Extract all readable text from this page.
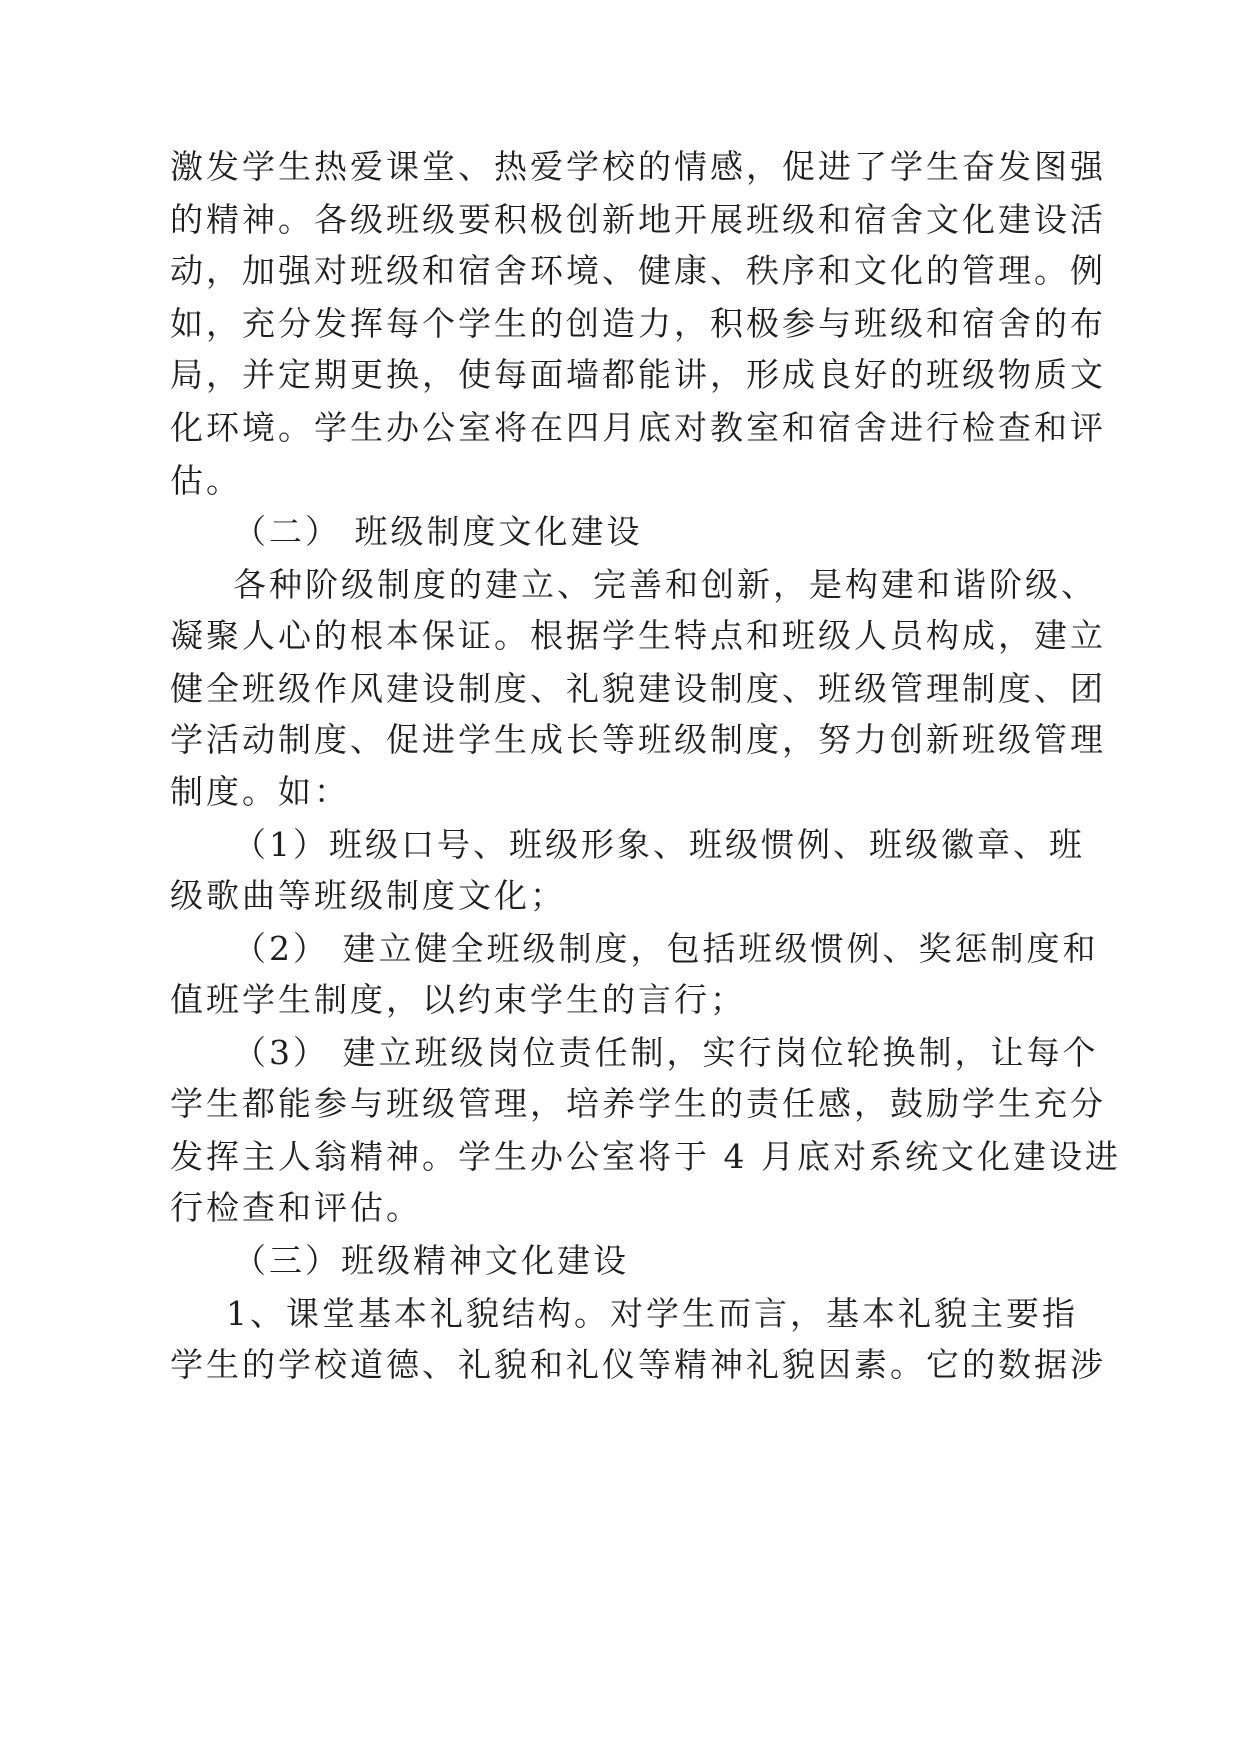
激发学生热爱课堂、热爱学校的情感，促进了学生奋发图强
的精神。各级班级要积极创新地开展班级和宿舍文化建设活
动，加强对班级和宿舍环境、健康、秩序和文化的管理。例
如，充分发挥每个学生的创造力，积极参与班级和宿舍的布
局，并定期更换，使每面墙都能讲，形成良好的班级物质文
化环境。学生办公室将在四月底对教室和宿舍进行检查和评
估。
（二） 班级制度文化建设
各种阶级制度的建立、完善和创新，是构建和谐阶级、
凝聚人心的根本保证。根据学生特点和班级人员构成，建立
健全班级作风建设制度、礼貌建设制度、班级管理制度、团
学活动制度、促进学生成长等班级制度，努力创新班级管理
制度。如：
（1）班级口号、班级形象、班级惯例、班级徽章、班
级歌曲等班级制度文化；
（2） 建立健全班级制度，包括班级惯例、奖惩制度和
值班学生制度，以约束学生的言行；
（3） 建立班级岗位责任制，实行岗位轮换制，让每个
学生都能参与班级管理，培养学生的责任感，鼓励学生充分
发挥主人翁精神。学生办公室将于 4 月底对系统文化建设进
行检查和评估。
（三）班级精神文化建设
1、课堂基本礼貌结构。对学生而言，基本礼貌主要指
学生的学校道德、礼貌和礼仪等精神礼貌因素。它的数据涉
